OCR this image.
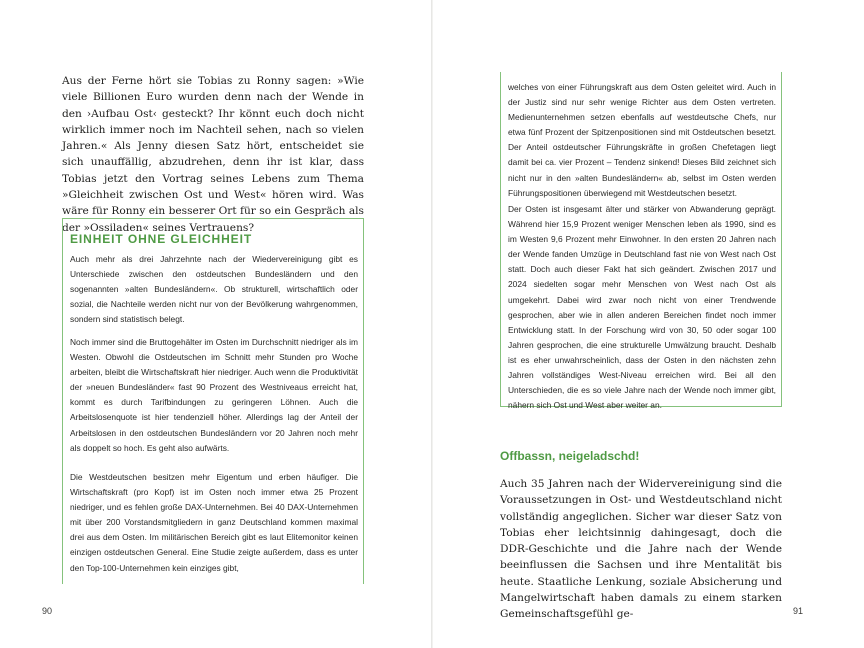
Aus der Ferne hört sie Tobias zu Ronny sagen: »Wie viele Billionen Euro wurden denn nach der Wende in den ›Aufbau Ost‹ gesteckt? Ihr könnt euch doch nicht wirklich immer noch im Nachteil sehen, nach so vielen Jahren.« Als Jenny diesen Satz hört, entscheidet sie sich unauffällig, abzudrehen, denn ihr ist klar, dass Tobias jetzt den Vortrag seines Lebens zum Thema »Gleichheit zwischen Ost und West« hören wird. Was wäre für Ronny ein besserer Ort für so ein Gespräch als der »Ossiladen« seines Vertrauens?

EINHEIT OHNE GLEICHHEIT

Auch mehr als drei Jahrzehnte nach der Wiedervereinigung gibt es Unterschiede zwischen den ostdeutschen Bundesländern und den sogenannten »alten Bundesländern«. Ob strukturell, wirtschaftlich oder sozial, die Nachteile werden nicht nur von der Bevölkerung wahrgenommen, sondern sind statistisch belegt.

Noch immer sind die Bruttogehälter im Osten im Durchschnitt niedriger als im Westen. Obwohl die Ostdeutschen im Schnitt mehr Stunden pro Woche arbeiten, bleibt die Wirtschaftskraft hier niedriger. Auch wenn die Produktivität der »neuen Bundesländer« fast 90 Prozent des Westniveaus erreicht hat, kommt es durch Tarifbindungen zu geringeren Löhnen. Auch die Arbeitslosenquote ist hier tendenziell höher. Allerdings lag der Anteil der Arbeitslosen in den ostdeutschen Bundesländern vor 20 Jahren noch mehr als doppelt so hoch. Es geht also aufwärts.

Die Westdeutschen besitzen mehr Eigentum und erben häufiger. Die Wirtschaftskraft (pro Kopf) ist im Osten noch immer etwa 25 Prozent niedriger, und es fehlen große DAX-Unternehmen. Bei 40 DAX-Unternehmen mit über 200 Vorstandsmitgliedern in ganz Deutschland kommen maximal drei aus dem Osten. Im militärischen Bereich gibt es laut Elitemonitor keinen einzigen ostdeutschen General. Eine Studie zeigte außerdem, dass es unter den Top-100-Unternehmen kein einziges gibt,

90

welches von einer Führungskraft aus dem Osten geleitet wird. Auch in der Justiz sind nur sehr wenige Richter aus dem Osten vertreten. Medienunternehmen setzen ebenfalls auf westdeutsche Chefs, nur etwa fünf Prozent der Spitzenpositionen sind mit Ostdeutschen besetzt. Der Anteil ostdeutscher Führungskräfte in großen Chefetagen liegt damit bei ca. vier Prozent – Tendenz sinkend! Dieses Bild zeichnet sich nicht nur in den »alten Bundesländern« ab, selbst im Osten werden Führungspositionen überwiegend mit Westdeutschen besetzt.

Der Osten ist insgesamt älter und stärker von Abwanderung geprägt. Während hier 15,9 Prozent weniger Menschen leben als 1990, sind es im Westen 9,6 Prozent mehr Einwohner. In den ersten 20 Jahren nach der Wende fanden Umzüge in Deutschland fast nie von West nach Ost statt. Doch auch dieser Fakt hat sich geändert. Zwischen 2017 und 2024 siedelten sogar mehr Menschen von West nach Ost als umgekehrt. Dabei wird zwar noch nicht von einer Trendwende gesprochen, aber wie in allen anderen Bereichen findet noch immer Entwicklung statt. In der Forschung wird von 30, 50 oder sogar 100 Jahren gesprochen, die eine strukturelle Umwälzung braucht. Deshalb ist es eher unwahrscheinlich, dass der Osten in den nächsten zehn Jahren vollständiges West-Niveau erreichen wird. Bei all den Unterschieden, die es so viele Jahre nach der Wende noch immer gibt, nähern sich Ost und West aber weiter an.

Offbassn, neigeladschd!

Auch 35 Jahren nach der Widervereinigung sind die Voraussetzungen in Ost- und Westdeutschland nicht vollständig angeglichen. Sicher war dieser Satz von Tobias eher leichtsinnig dahingesagt, doch die DDR-Geschichte und die Jahre nach der Wende beeinflussen die Sachsen und ihre Mentalität bis heute. Staatliche Lenkung, soziale Absicherung und Mangelwirtschaft haben damals zu einem starken Gemeinschaftsgefühl ge-	91
